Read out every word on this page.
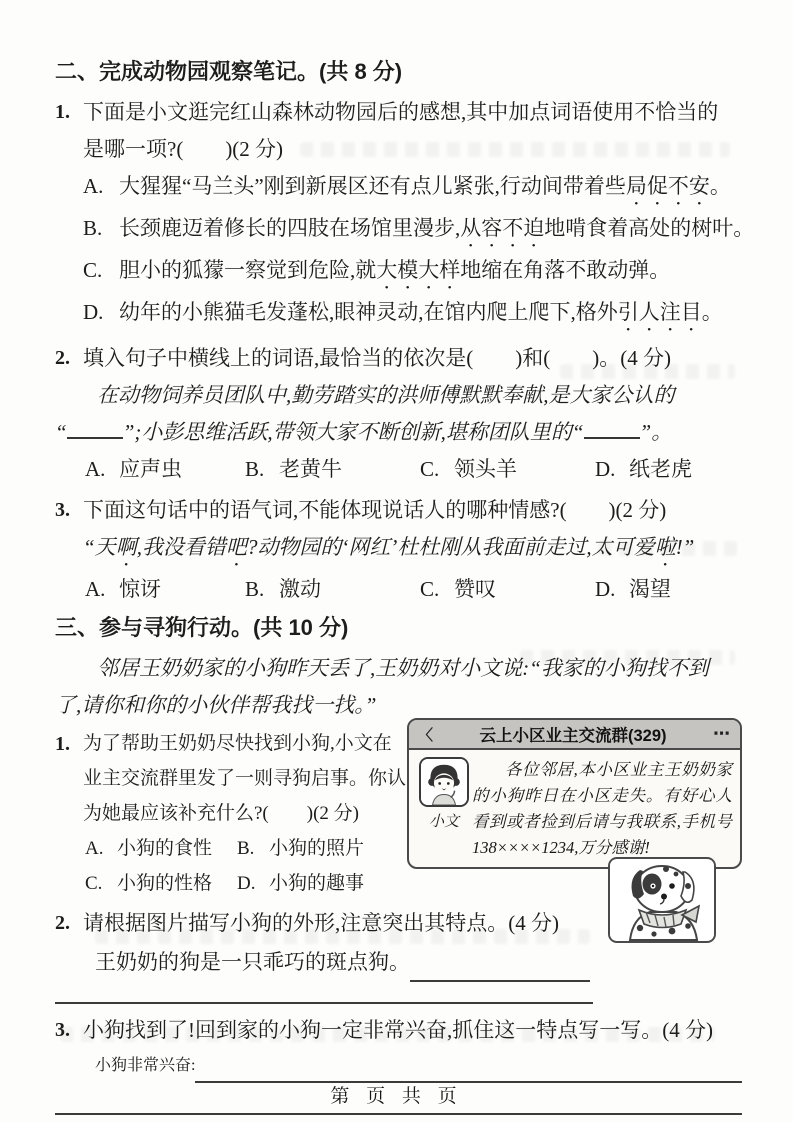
二、完成动物园观察笔记。(共 8 分)
1. 下面是小文逛完红山森林动物园后的感想,其中加点词语使用不恰当的
是哪一项?(　　)(2 分)
A. 大猩猩“马兰头”刚到新展区还有点儿紧张,行动间带着些局促不安。
B. 长颈鹿迈着修长的四肢在场馆里漫步,从容不迫地啃食着高处的树叶。
C. 胆小的狐獴一察觉到危险,就大模大样地缩在角落不敢动弹。
D. 幼年的小熊猫毛发蓬松,眼神灵动,在馆内爬上爬下,格外引人注目。
2. 填入句子中横线上的词语,最恰当的依次是(　　)和(　　)。(4 分)
在动物饲养员团队中,勤劳踏实的洪师傅默默奉献,是大家公认的
“	”;小彭思维活跃,带领大家不断创新,堪称团队里的“	”。
A. 应声虫	B. 老黄牛	C. 领头羊	D. 纸老虎
3. 下面这句话中的语气词,不能体现说话人的哪种情感?(　　)(2 分)
“天啊,我没看错吧?动物园的‘网红’杜杜刚从我面前走过,太可爱啦!”
A. 惊讶	B. 激动	C. 赞叹	D. 渴望
三、参与寻狗行动。(共 10 分)
邻居王奶奶家的小狗昨天丢了,王奶奶对小文说:“我家的小狗找不到
了,请你和你的小伙伴帮我找一找。”
1. 为了帮助王奶奶尽快找到小狗,小文在
业主交流群里发了一则寻狗启事。你认
为她最应该补充什么?(　　)(2 分)
A. 小狗的食性 B. 小狗的照片
C. 小狗的性格 D. 小狗的趣事
〈	云上小区业主交流群(329)	⋯
小文
各位邻居,本小区业主王奶奶家的小狗昨日在小区走失。有好心人看到或者捡到后请与我联系,手机号138××××1234,万分感谢!
2. 请根据图片描写小狗的外形,注意突出其特点。(4 分)
王奶奶的狗是一只乖巧的斑点狗。
3. 小狗找到了!回到家的小狗一定非常兴奋,抓住这一特点写一写。(4 分)
小狗非常兴奋:
第 页 共 页
